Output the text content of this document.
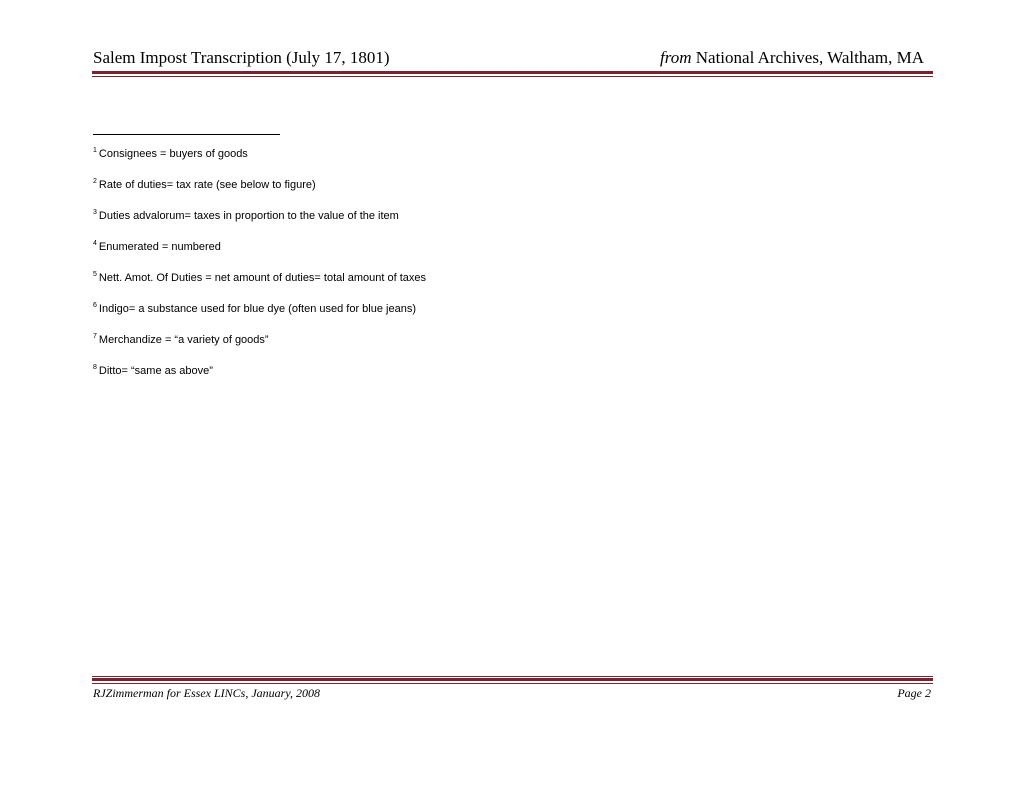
Salem Impost Transcription (July 17, 1801)	from National Archives, Waltham, MA
$^1$ Consignees = buyers of goods
$^2$ Rate of duties= tax rate (see below to figure)
$^3$ Duties advalorum= taxes in proportion to the value of the item
$^4$ Enumerated = numbered
$^5$ Nett. Amot. Of Duties = net amount of duties= total amount of taxes
$^6$ Indigo= a substance used for blue dye (often used for blue jeans)
$^7$ Merchandize = “a variety of goods”
$^8$ Ditto= “same as above”
RJZimmerman for Essex LINCs, January, 2008	Page 2
